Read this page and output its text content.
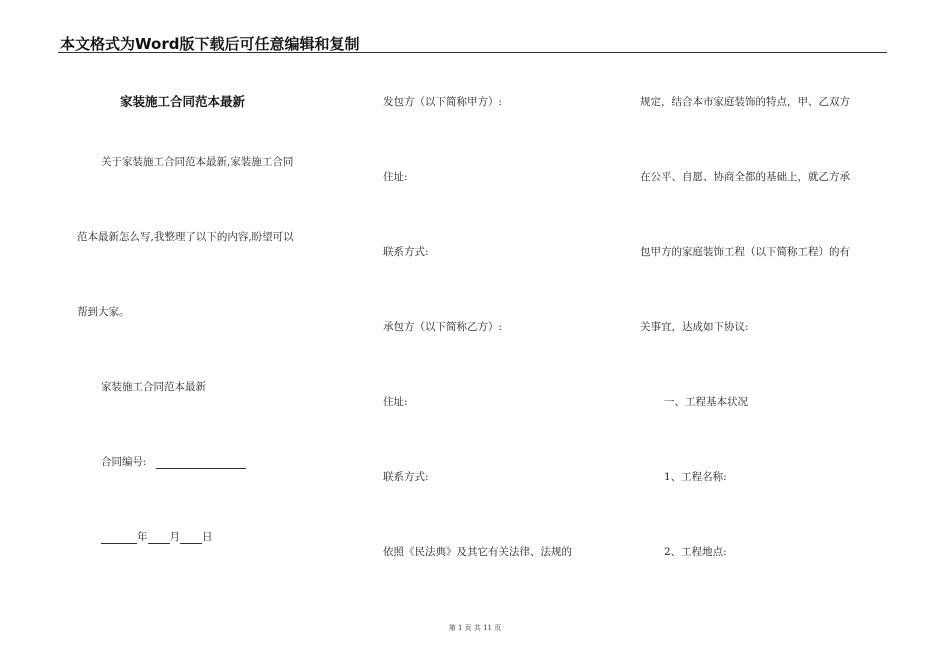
本文格式为Word版下载后可任意编辑和复制
家装施工合同范本最新
关于家装施工合同范本最新,家装施工合同
范本最新怎么写,我整理了以下的内容,盼望可以
帮到大家。
家装施工合同范本最新
合同编号:
年 月 日
发包方（以下简称甲方）:
住址:
联系方式:
承包方（以下简称乙方）:
住址:
联系方式:
依照《民法典》及其它有关法律、法规的
规定，结合本市家庭装饰的特点，甲、乙双方
在公平、自愿、协商全都的基础上，就乙方承
包甲方的家庭装饰工程（以下简称工程）的有
关事宜，达成如下协议:
一、工程基本状况
1、工程名称:
2、工程地点:
第 1 页 共 11 页
